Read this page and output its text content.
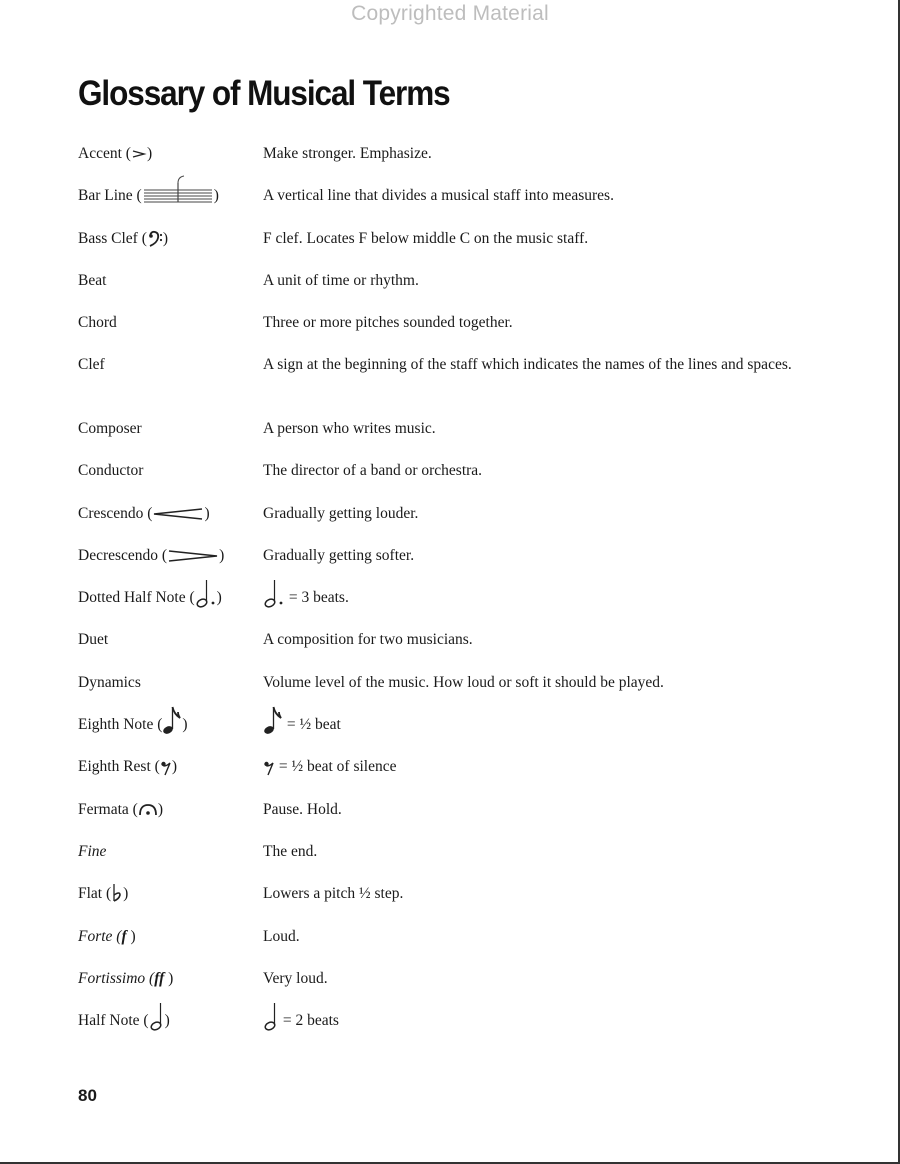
Copyrighted Material
Glossary of Musical Terms
Accent ( )	Make stronger. Emphasize.
Bar Line (	)	A vertical line that divides a musical staff into measures.
Bass Clef ( )	F clef. Locates F below middle C on the music staff.
Beat	A unit of time or rhythm.
Chord	Three or more pitches sounded together.
Clef	A sign at the beginning of the staff which indicates the names of the lines and spaces.
Composer	A person who writes music.
Conductor	The director of a band or orchestra.
Crescendo (	)	Gradually getting louder.
Decrescendo (	)	Gradually getting softer.
Dotted Half Note ( )	= 3 beats.
Duet	A composition for two musicians.
Dynamics	Volume level of the music. How loud or soft it should be played.
Eighth Note ( )	= ½ beat
Eighth Rest ( )	= ½ beat of silence
Fermata ( )	Pause. Hold.
Fine	The end.
Flat ( )	Lowers a pitch ½ step.
Forte (f )	Loud.
Fortissimo (ff )	Very loud.
Half Note ( )	= 2 beats
80
